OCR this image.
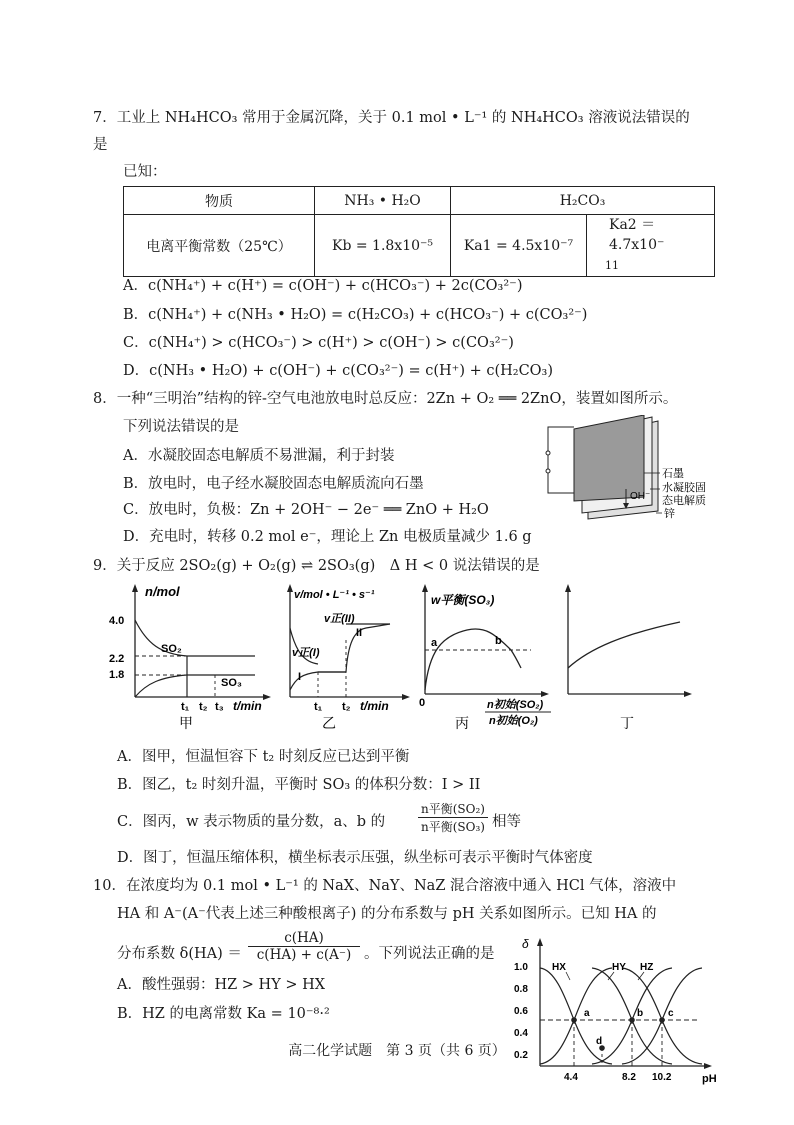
7．工业上 NH₄HCO₃ 常用于金属沉降，关于 0.1 mol • L⁻¹ 的 NH₄HCO₃ 溶液说法错误的
是
已知：
物质	NH₃ • H₂O	H₂CO₃	
电离平衡常数（25℃）	Kb = 1.8x10⁻⁵	Ka1 = 4.5x10⁻⁷	Ka2 ＝ 4.7x10⁻
11
A．c(NH₄⁺) + c(H⁺) = c(OH⁻) + c(HCO₃⁻) + 2c(CO₃²⁻)
B．c(NH₄⁺) + c(NH₃ • H₂O) = c(H₂CO₃) + c(HCO₃⁻) + c(CO₃²⁻)
C．c(NH₄⁺) > c(HCO₃⁻) > c(H⁺) > c(OH⁻) > c(CO₃²⁻)
D．c(NH₃ • H₂O) + c(OH⁻) + c(CO₃²⁻) = c(H⁺) + c(H₂CO₃)
8．一种“三明治”结构的锌-空气电池放电时总反应：2Zn + O₂ ══ 2ZnO，装置如图所示。
下列说法错误的是
A．水凝胶固态电解质不易泄漏，利于封装
B．放电时，电子经水凝胶固态电解质流向石墨
C．放电时，负极：Zn + 2OH⁻ − 2e⁻ ══ ZnO + H₂O
D．充电时，转移 0.2 mol e⁻，理论上 Zn 电极质量减少 1.6 g
石墨
水凝胶固
态电解质
锌
OH⁻
9．关于反应 2SO₂(g) + O₂(g) ⇌ 2SO₃(g)　Δ H < 0 说法错误的是
n/mol
4.0
2.2
1.8
SO₂
SO₃
t₁ t₂ t₃ t/min
甲
v/mol • L⁻¹ • s⁻¹
v正(I)
v正(II)
I
II
t₁ t₂ t/min
乙
w平衡(SO₃)
a	b
0	n初始(SO₂)
n初始(O₂)
丙	丁
A．图甲，恒温恒容下 t₂ 时刻反应已达到平衡
B．图乙，t₂ 时刻升温，平衡时 SO₃ 的体积分数：I > II
C．图丙，w 表示物质的量分数，a、b 的
n平衡(SO₂)
n平衡(SO₃) 相等
D．图丁，恒温压缩体积，横坐标表示压强，纵坐标可表示平衡时气体密度
10．在浓度均为 0.1 mol • L⁻¹ 的 NaX、NaY、NaZ 混合溶液中通入 HCl 气体，溶液中
HA 和 A⁻(A⁻代表上述三种酸根离子) 的分布系数与 pH 关系如图所示。已知 HA 的
分布系数 $\delta(HA) = \frac{c(HA)}{c(HA) + c(A^-)}$ 。下列说法正确的是
A．酸性强弱：HZ > HY > HX
B．HZ 的电离常数 Ka = 10⁻⁸·²
δ
1.0
0.8
0.6
0.4
0.2
a	b c
d
HX	HY HZ
4.4	8.2 10.2	pH
高二化学试题　第 3 页（共 6 页）
